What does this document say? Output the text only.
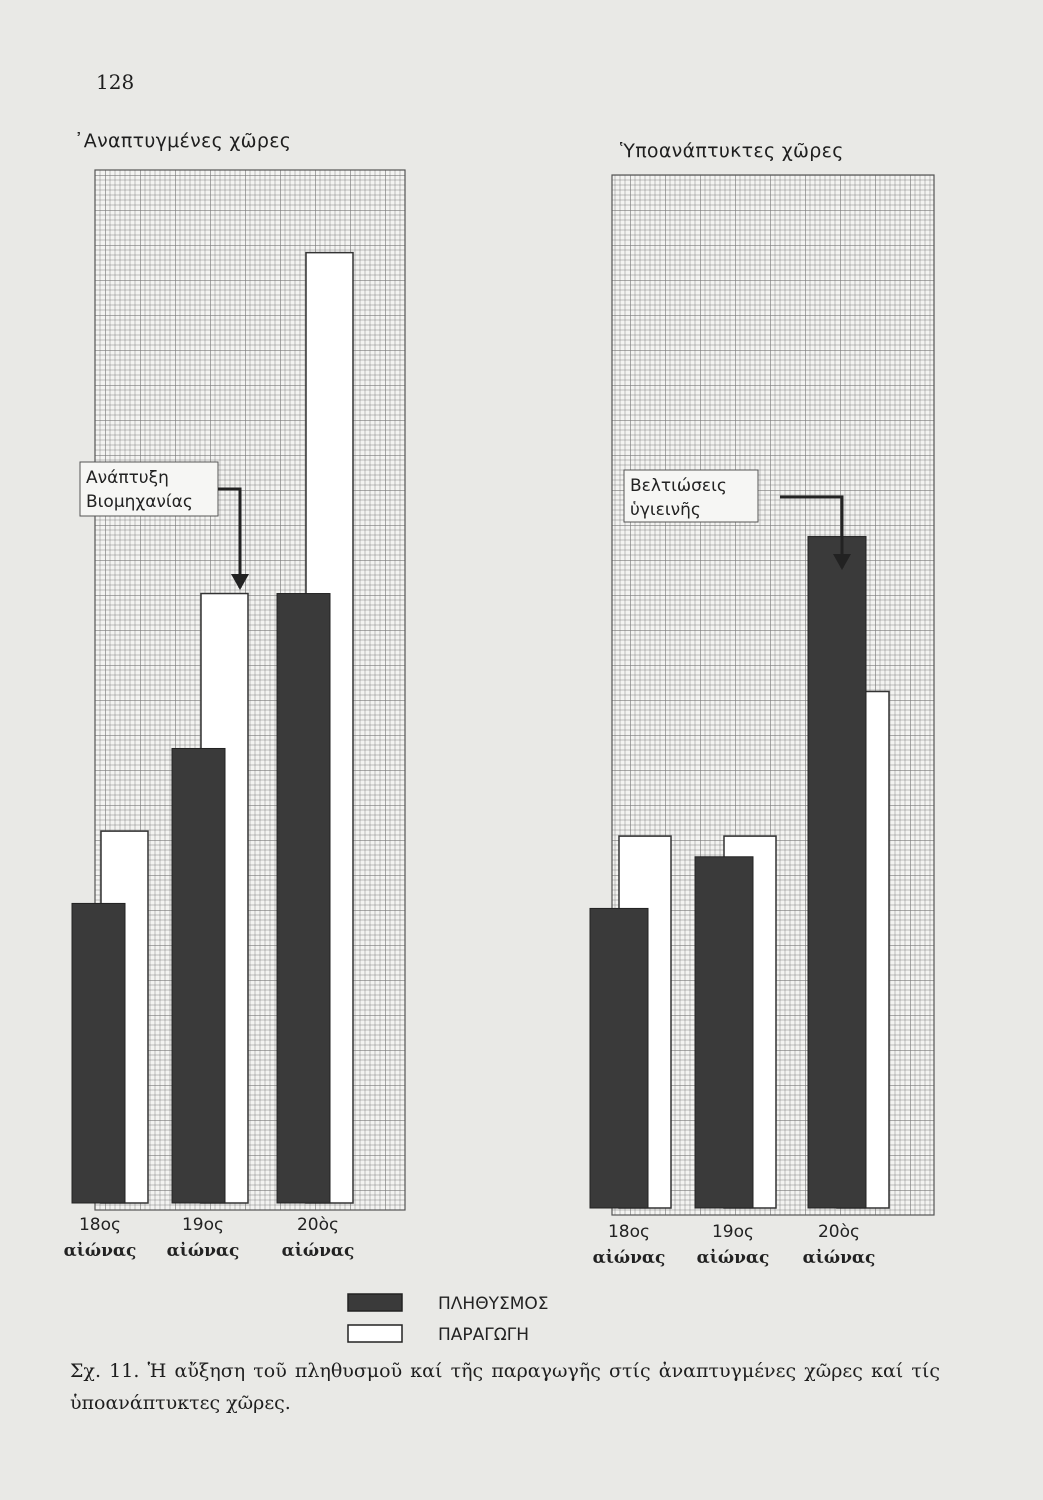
128
᾿Αναπτυγμένες χῶρες	Ὑποανάπτυκτες χῶρες
18ος
αἰώνας
19ος
αἰώνας
20ὸς
αἰώνας
Ανάπτυξη
Βιομηχανίας
18ος
αἰώνας
19ος
αἰώνας
20ὸς
αἰώνας
Βελτιώσεις
ὑγιεινῆς
ΠΛΗΘΥΣΜΟΣ
ΠΑΡΑΓΩΓΗ
Σχ. 11. Ἡ αὔξηση τοῦ πληθυσμοῦ καί τῆς παραγωγῆς στίς ἀναπτυγμένες χῶρες καί τίς ὑποανάπτυκτες χῶρες.
